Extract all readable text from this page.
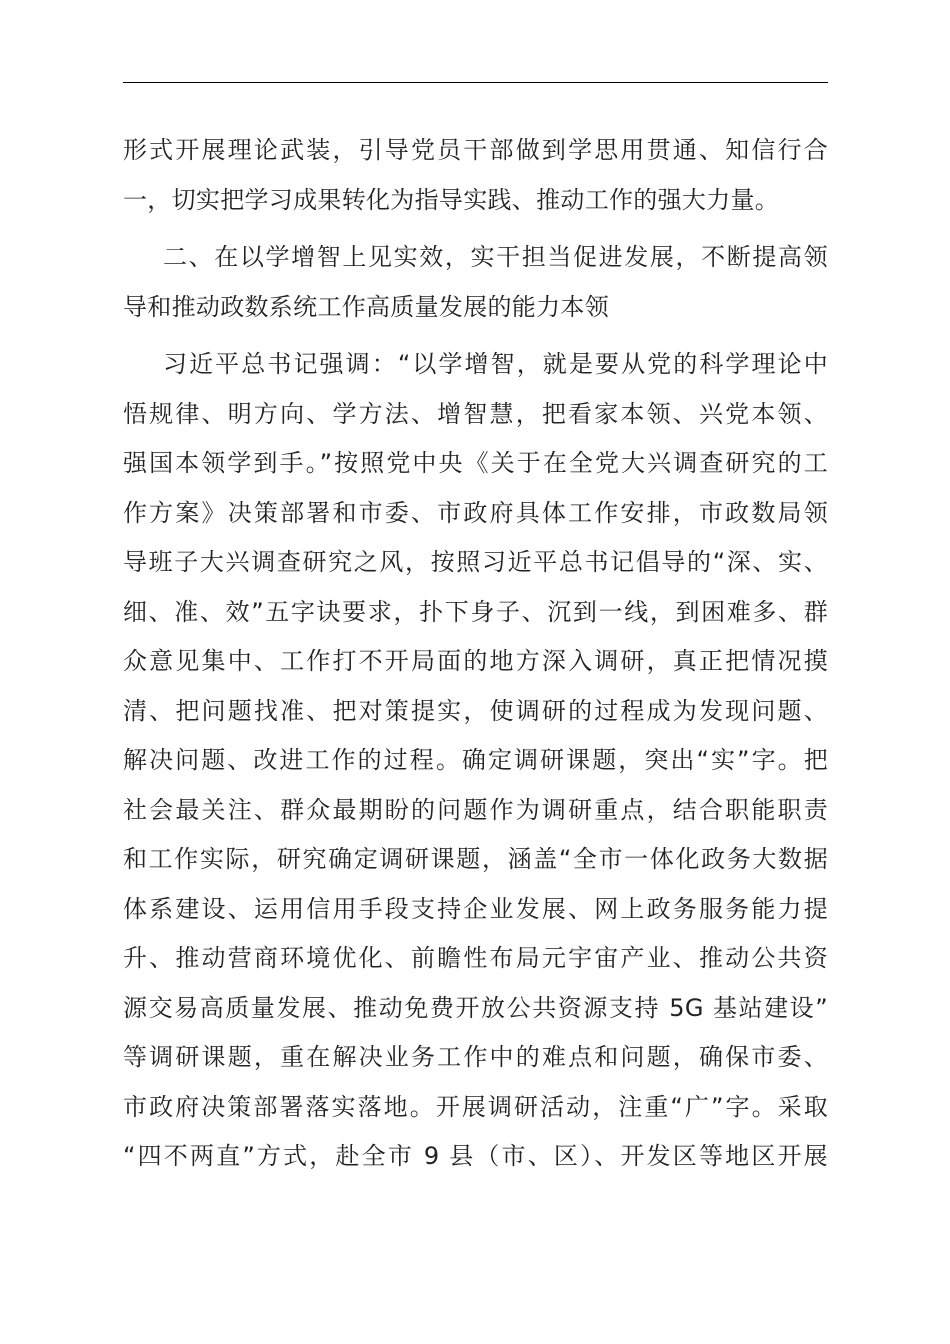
形式开展理论武装，引导党员干部做到学思用贯通、知信行合
一，切实把学习成果转化为指导实践、推动工作的强大力量。
二、在以学增智上见实效，实干担当促进发展，不断提高领
导和推动政数系统工作高质量发展的能力本领
习近平总书记强调：“以学增智，就是要从党的科学理论中
悟规律、明方向、学方法、增智慧，把看家本领、兴党本领、
强国本领学到手。”按照党中央《关于在全党大兴调查研究的工
作方案》决策部署和市委、市政府具体工作安排，市政数局领
导班子大兴调查研究之风，按照习近平总书记倡导的“深、实、
细、准、效”五字诀要求，扑下身子、沉到一线，到困难多、群
众意见集中、工作打不开局面的地方深入调研，真正把情况摸
清、把问题找准、把对策提实，使调研的过程成为发现问题、
解决问题、改进工作的过程。确定调研课题，突出“实”字。把
社会最关注、群众最期盼的问题作为调研重点，结合职能职责
和工作实际，研究确定调研课题，涵盖“全市一体化政务大数据
体系建设、运用信用手段支持企业发展、网上政务服务能力提
升、推动营商环境优化、前瞻性布局元宇宙产业、推动公共资
源交易高质量发展、推动免费开放公共资源支持 5G 基站建设”
等调研课题，重在解决业务工作中的难点和问题，确保市委、
市政府决策部署落实落地。开展调研活动，注重“广”字。采取
“四不两直”方式，赴全市 9 县（市、区）、开发区等地区开展
